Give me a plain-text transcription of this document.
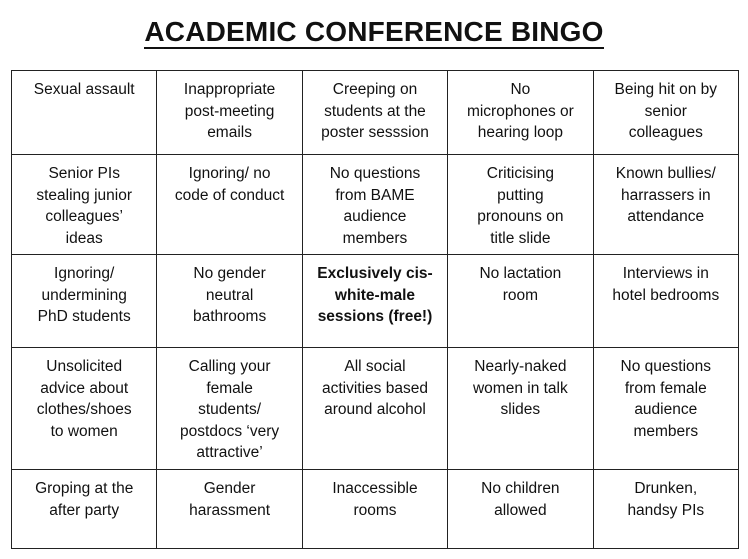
ACADEMIC CONFERENCE BINGO
Sexual assault	Inappropriate
post-meeting
emails	Creeping on
students at the
poster sesssion	No
microphones or
hearing loop	Being hit on by
senior
colleagues

Senior PIs
stealing junior
colleagues’
ideas	Ignoring/ no
code of conduct	No questions
from BAME
audience
members	Criticising
putting
pronouns on
title slide	Known bullies/
harrassers in
attendance

Ignoring/
undermining
PhD students	No gender
neutral
bathrooms	Exclusively cis-
white-male
sessions (free!)	No lactation
room	Interviews in
hotel bedrooms

Unsolicited
advice about
clothes/shoes
to women	Calling your
female
students/
postdocs ‘very
attractive’	All social
activities based
around alcohol	Nearly-naked
women in talk
slides	No questions
from female
audience
members

Groping at the
after party	Gender
harassment	Inaccessible
rooms	No children
allowed	Drunken,
handsy PIs
